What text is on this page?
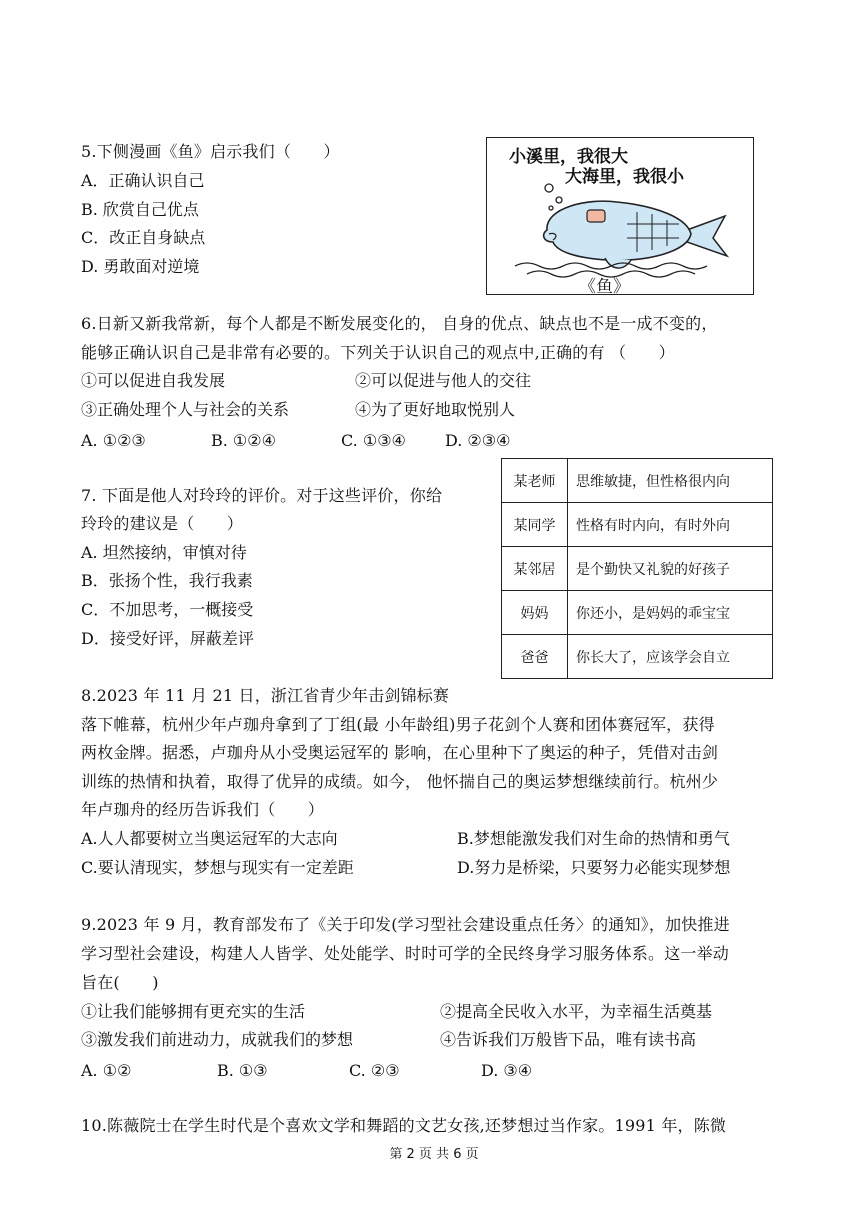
5.下侧漫画《鱼》启示我们（　　）
A．正确认识自己
B. 欣赏自己优点
C．改正自身缺点
D. 勇敢面对逆境
小溪里，我很大
大海里，我很小
《鱼》
6.日新又新我常新，每个人都是不断发展变化的， 自身的优点、缺点也不是一成不变的，
能够正确认识自己是非常有必要的。下列关于认识自己的观点中,正确的有 （　　）
①可以促进自我发展	②可以促进与他人的交往
③正确处理个人与社会的关系	④为了更好地取悦别人
A. ①②③	B. ①②④	C. ①③④ D. ②③④
7. 下面是他人对玲玲的评价。对于这些评价，你给
玲玲的建议是（　　）
A. 坦然接纳，审慎对待
B．张扬个性，我行我素
C．不加思考，一概接受
D．接受好评，屏蔽差评
某老师	思维敏捷，但性格很内向
某同学	性格有时内向，有时外向
某邻居	是个勤快又礼貌的好孩子
妈妈	你还小，是妈妈的乖宝宝
爸爸	你长大了，应该学会自立
8.2023 年 11 月 21 日，浙江省青少年击剑锦标赛
落下帷幕，杭州少年卢珈舟拿到了丁组(最 小年龄组)男子花剑个人赛和团体赛冠军，获得
两枚金牌。据悉，卢珈舟从小受奥运冠军的 影响，在心里种下了奥运的种子，凭借对击剑
训练的热情和执着，取得了优异的成绩。如今， 他怀揣自己的奥运梦想继续前行。杭州少
年卢珈舟的经历告诉我们（　　）
A.人人都要树立当奥运冠军的大志向	B.梦想能激发我们对生命的热情和勇气
C.要认清现实，梦想与现实有一定差距	D.努力是桥梁，只要努力必能实现梦想
9.2023 年 9 月，教育部发布了《关于印发(学习型社会建设重点任务〉的通知》，加快推进
学习型社会建设，构建人人皆学、处处能学、时时可学的全民终身学习服务体系。这一举动
旨在(　　)
①让我们能够拥有更充实的生活	②提高全民收入水平，为幸福生活奠基
③激发我们前进动力，成就我们的梦想	④告诉我们万般皆下品，唯有读书高
A. ①②	B. ①③	C. ②③	D. ③④
10.陈薇院士在学生时代是个喜欢文学和舞蹈的文艺女孩,还梦想过当作家。1991 年，陈微
第 2 页 共 6 页
